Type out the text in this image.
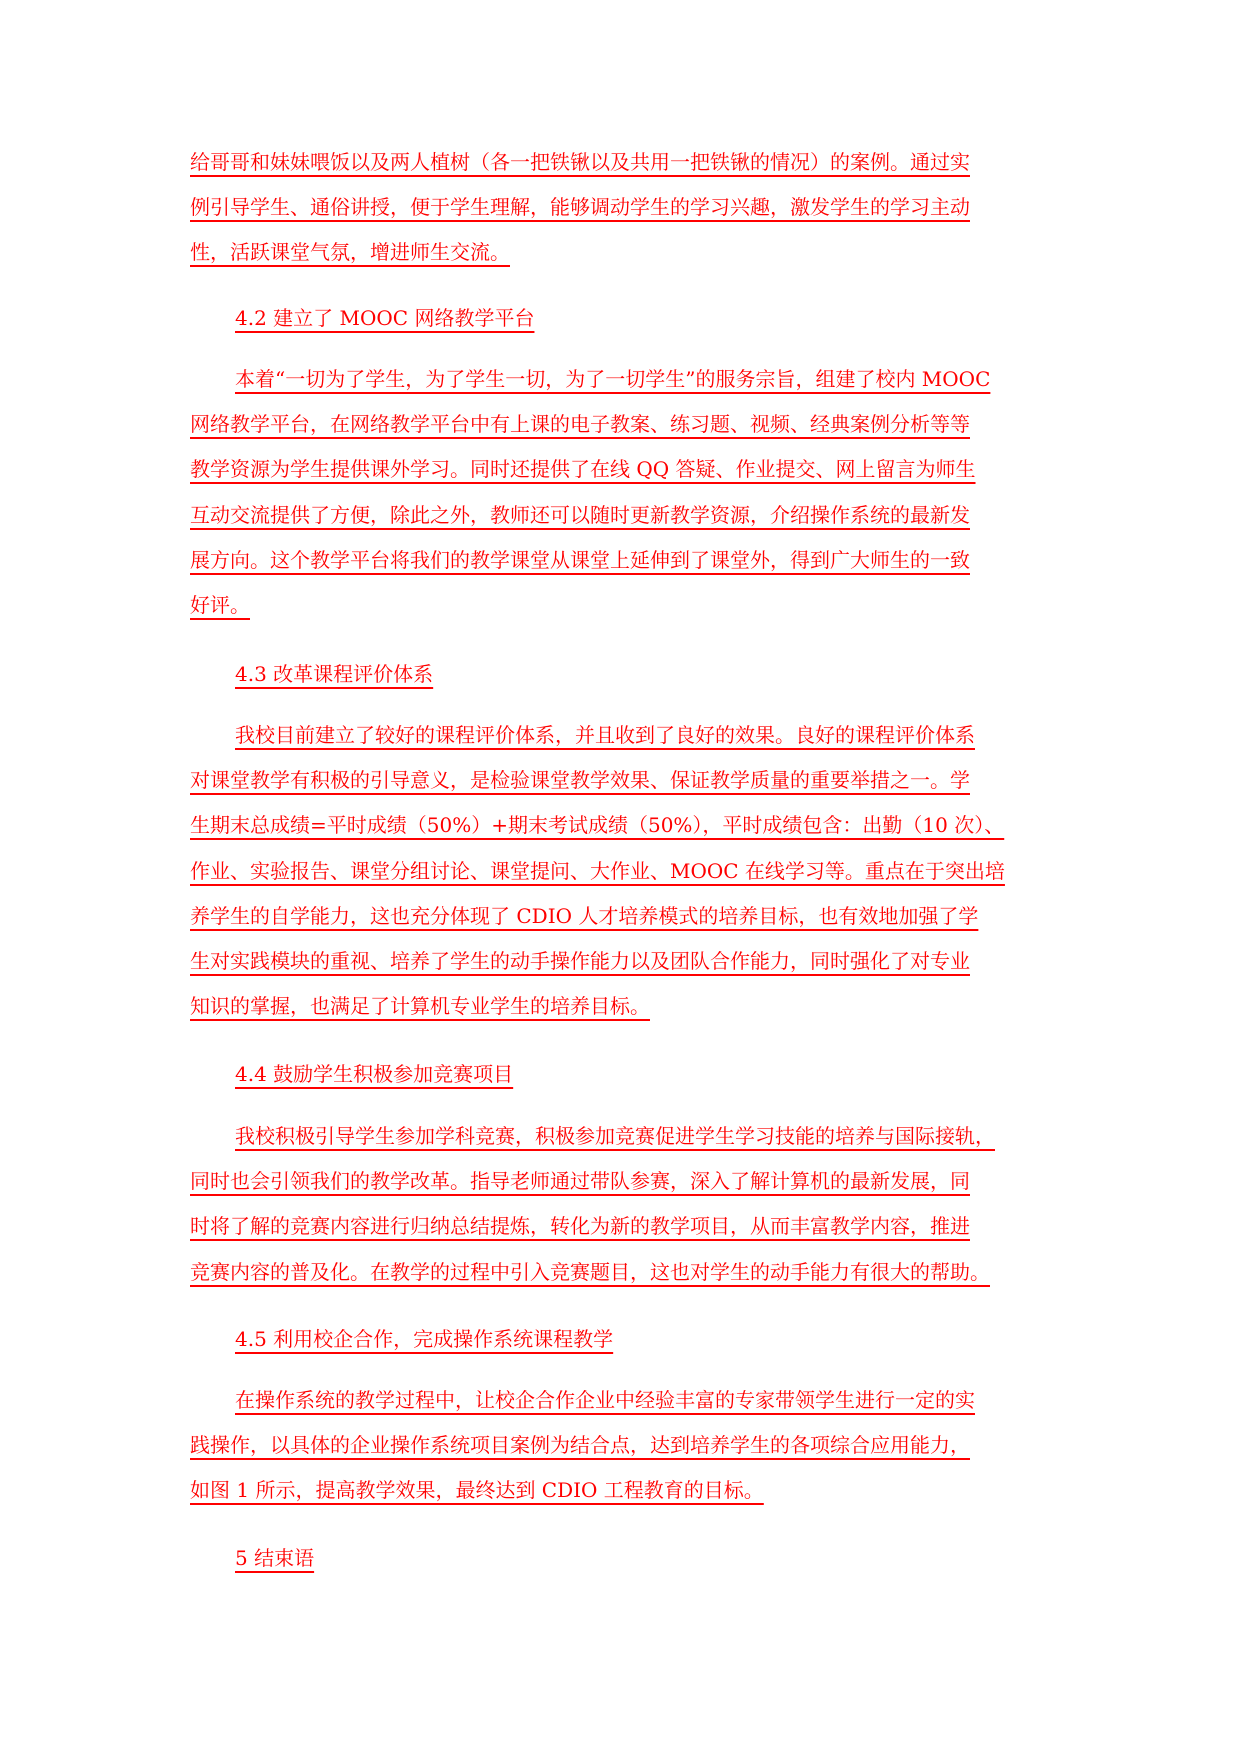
给哥哥和妹妹喂饭以及两人植树（各一把铁锹以及共用一把铁锹的情况）的案例。通过实
例引导学生、通俗讲授，便于学生理解，能够调动学生的学习兴趣，激发学生的学习主动
性，活跃课堂气氛，增进师生交流。
4.2 建立了 MOOC 网络教学平台
本着“一切为了学生，为了学生一切，为了一切学生”的服务宗旨，组建了校内 MOOC
网络教学平台，在网络教学平台中有上课的电子教案、练习题、视频、经典案例分析等等
教学资源为学生提供课外学习。同时还提供了在线 QQ 答疑、作业提交、网上留言为师生
互动交流提供了方便，除此之外，教师还可以随时更新教学资源，介绍操作系统的最新发
展方向。这个教学平台将我们的教学课堂从课堂上延伸到了课堂外，得到广大师生的一致
好评。
4.3 改革课程评价体系
我校目前建立了较好的课程评价体系，并且收到了良好的效果。良好的课程评价体系
对课堂教学有积极的引导意义，是检验课堂教学效果、保证教学质量的重要举措之一。学
生期末总成绩=平时成绩（50%）+期末考试成绩（50%），平时成绩包含：出勤（10 次）、
作业、实验报告、课堂分组讨论、课堂提问、大作业、MOOC 在线学习等。重点在于突出培
养学生的自学能力，这也充分体现了 CDIO 人才培养模式的培养目标，也有效地加强了学
生对实践模块的重视、培养了学生的动手操作能力以及团队合作能力，同时强化了对专业
知识的掌握，也满足了计算机专业学生的培养目标。
4.4 鼓励学生积极参加竞赛项目
我校积极引导学生参加学科竞赛，积极参加竞赛促进学生学习技能的培养与国际接轨，
同时也会引领我们的教学改革。指导老师通过带队参赛，深入了解计算机的最新发展，同
时将了解的竞赛内容进行归纳总结提炼，转化为新的教学项目，从而丰富教学内容，推进
竞赛内容的普及化。在教学的过程中引入竞赛题目，这也对学生的动手能力有很大的帮助。
4.5 利用校企合作，完成操作系统课程教学
在操作系统的教学过程中，让校企合作企业中经验丰富的专家带领学生进行一定的实
践操作，以具体的企业操作系统项目案例为结合点，达到培养学生的各项综合应用能力，
如图 1 所示，提高教学效果，最终达到 CDIO 工程教育的目标。
5 结束语
